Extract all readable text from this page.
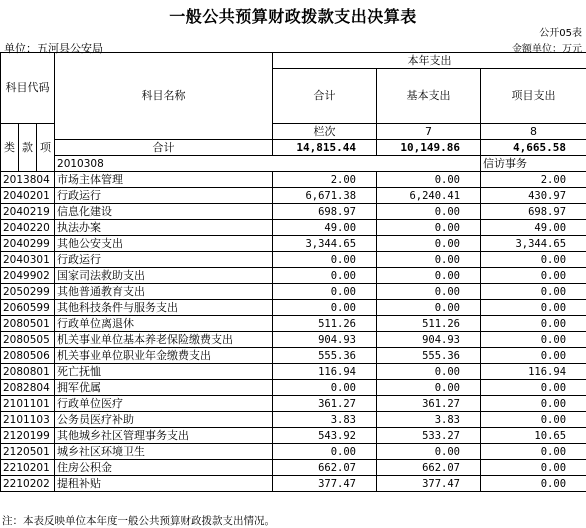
一般公共预算财政拨款支出决算表
公开05表
单位：五河县公安局	金额单位：万元
科目代码			科目名称	本年支出			
				合计	基本支出	项目支出	

类	款	项		栏次	7	8	
			合计	14,815.44	10,149.86	4,665.58	
			2010308			信访事务			
2013804			市场主体管理	2.00	0.00	2.00	
2040201			行政运行	6,671.38	6,240.41	430.97	
2040219			信息化建设	698.97	0.00	698.97	
2040220			执法办案	49.00	0.00	49.00	
2040299			其他公安支出	3,344.65	0.00	3,344.65	
2040301			行政运行	0.00	0.00	0.00	
2049902			国家司法救助支出	0.00	0.00	0.00	
2050299			其他普通教育支出	0.00	0.00	0.00	
2060599			其他科技条件与服务支出	0.00	0.00	0.00	
2080501			行政单位离退休	511.26	511.26	0.00	
2080505			机关事业单位基本养老保险缴费支出	904.93	904.93	0.00	
2080506			机关事业单位职业年金缴费支出	555.36	555.36	0.00	
2080801			死亡抚恤	116.94	0.00	116.94	
2082804			拥军优属	0.00	0.00	0.00	
2101101			行政单位医疗	361.27	361.27	0.00	
2101103			公务员医疗补助	3.83	3.83	0.00	
2120199			其他城乡社区管理事务支出	543.92	533.27	10.65	
2120501			城乡社区环境卫生	0.00	0.00	0.00	
2210201			住房公积金	662.07	662.07	0.00	
2210202			提租补贴	377.47	377.47	0.00	
注：本表反映单位本年度一般公共预算财政拨款支出情况。
